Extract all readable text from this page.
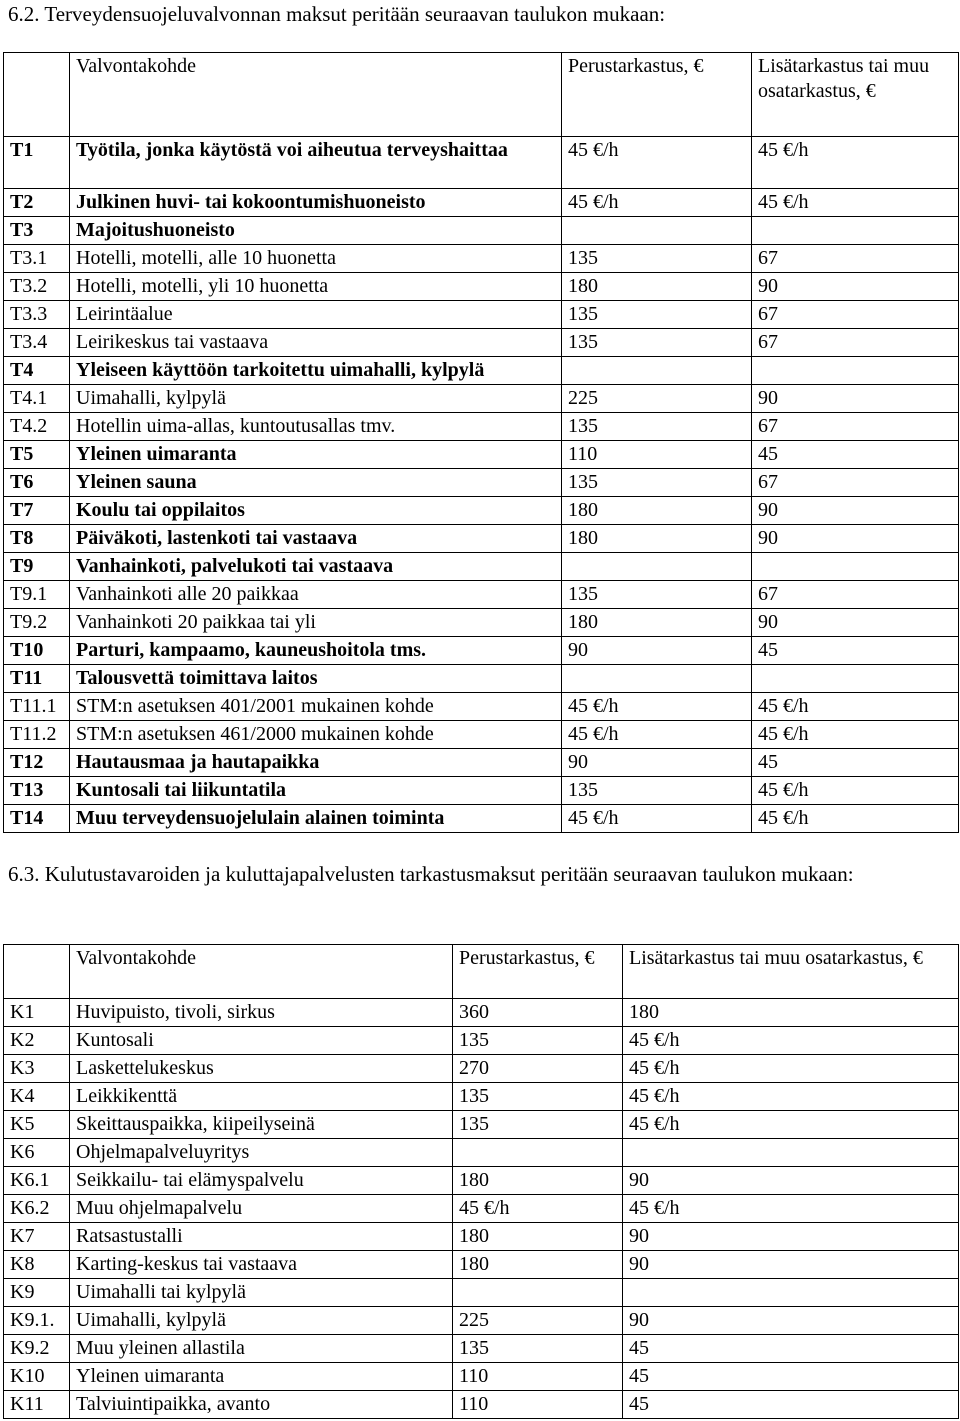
6.2. Terveydensuojeluvalvonnan maksut peritään seuraavan taulukon mukaan:
	Valvontakohde	Perustarkastus, €	Lisätarkastus tai muu osatarkastus, €
T1	Työtila, jonka käytöstä voi aiheutua terveyshaittaa	45 €/h	45 €/h
T2	Julkinen huvi- tai kokoontumishuoneisto	45 €/h	45 €/h
T3	Majoitushuoneisto		
T3.1	Hotelli, motelli, alle 10 huonetta	135	67
T3.2	Hotelli, motelli, yli 10 huonetta	180	90
T3.3	Leirintäalue	135	67
T3.4	Leirikeskus tai vastaava	135	67
T4	Yleiseen käyttöön tarkoitettu uimahalli, kylpylä		
T4.1	Uimahalli, kylpylä	225	90
T4.2	Hotellin uima-allas, kuntoutusallas tmv.	135	67
T5	Yleinen uimaranta	110	45
T6	Yleinen sauna	135	67
T7	Koulu tai oppilaitos	180	90
T8	Päiväkoti, lastenkoti tai vastaava	180	90
T9	Vanhainkoti, palvelukoti tai vastaava		
T9.1	Vanhainkoti alle 20 paikkaa	135	67
T9.2	Vanhainkoti 20 paikkaa tai yli	180	90
T10	Parturi, kampaamo, kauneushoitola tms.	90	45
T11	Talousvettä toimittava laitos		
T11.1	STM:n asetuksen 401/2001 mukainen kohde	45 €/h	45 €/h
T11.2	STM:n asetuksen 461/2000 mukainen kohde	45 €/h	45 €/h
T12	Hautausmaa ja hautapaikka	90	45
T13	Kuntosali tai liikuntatila	135	45 €/h
T14	Muu terveydensuojelulain alainen toiminta	45 €/h	45 €/h
6.3. Kulutustavaroiden ja kuluttajapalvelusten tarkastusmaksut peritään seuraavan taulukon mukaan:
	Valvontakohde	Perustarkastus, €	Lisätarkastus tai muu osatarkastus, €
K1	Huvipuisto, tivoli, sirkus	360	180
K2	Kuntosali	135	45 €/h
K3	Laskettelukeskus	270	45 €/h
K4	Leikkikenttä	135	45 €/h
K5	Skeittauspaikka, kiipeilyseinä	135	45 €/h
K6	Ohjelmapalveluyritys		
K6.1	Seikkailu- tai elämyspalvelu	180	90
K6.2	Muu ohjelmapalvelu	45 €/h	45 €/h
K7	Ratsastustalli	180	90
K8	Karting-keskus tai vastaava	180	90
K9	Uimahalli tai kylpylä		
K9.1.	Uimahalli, kylpylä	225	90
K9.2	Muu yleinen allastila	135	45
K10	Yleinen uimaranta	110	45
K11	Talviuintipaikka, avanto	110	45
